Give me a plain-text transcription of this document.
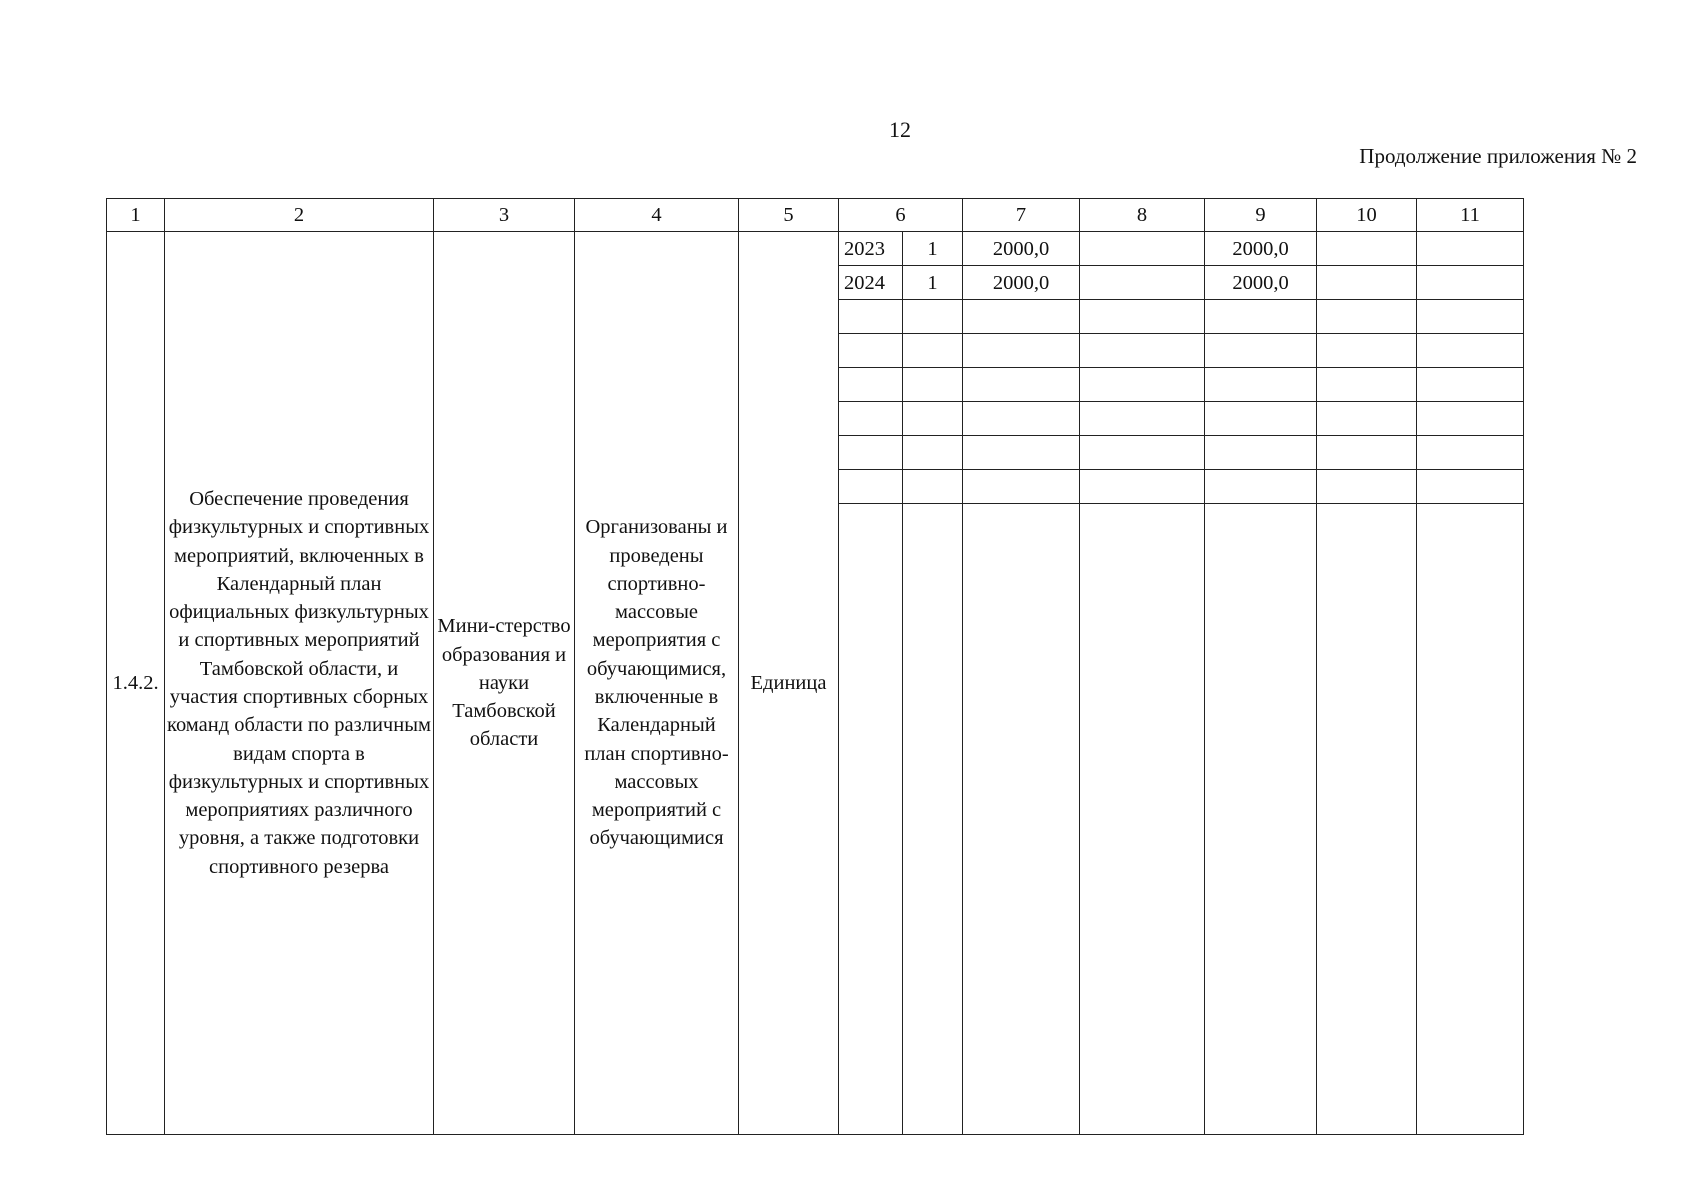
12
Продолжение приложения № 2
1	2	3	4	5	6		7	8	9	10	11
1.4.2.	Обеспечение проведения физкультурных и спортивных мероприятий, включенных в Календарный план официальных физкультурных и спортивных мероприятий Тамбовской области, и участия спортивных сборных команд области по различным видам спорта в физкультурных и спортивных мероприятиях различного уровня, а также подготовки спортивного резерва	Мини-стерство образования и науки Тамбовской области	Организованы и проведены спортивно-массовые мероприятия с обучающимися, включенные в Календарный план спортивно-массовых мероприятий с обучающимися	Единица	2023	1	2000,0		2000,0		
					2024	1	2000,0		2000,0		
